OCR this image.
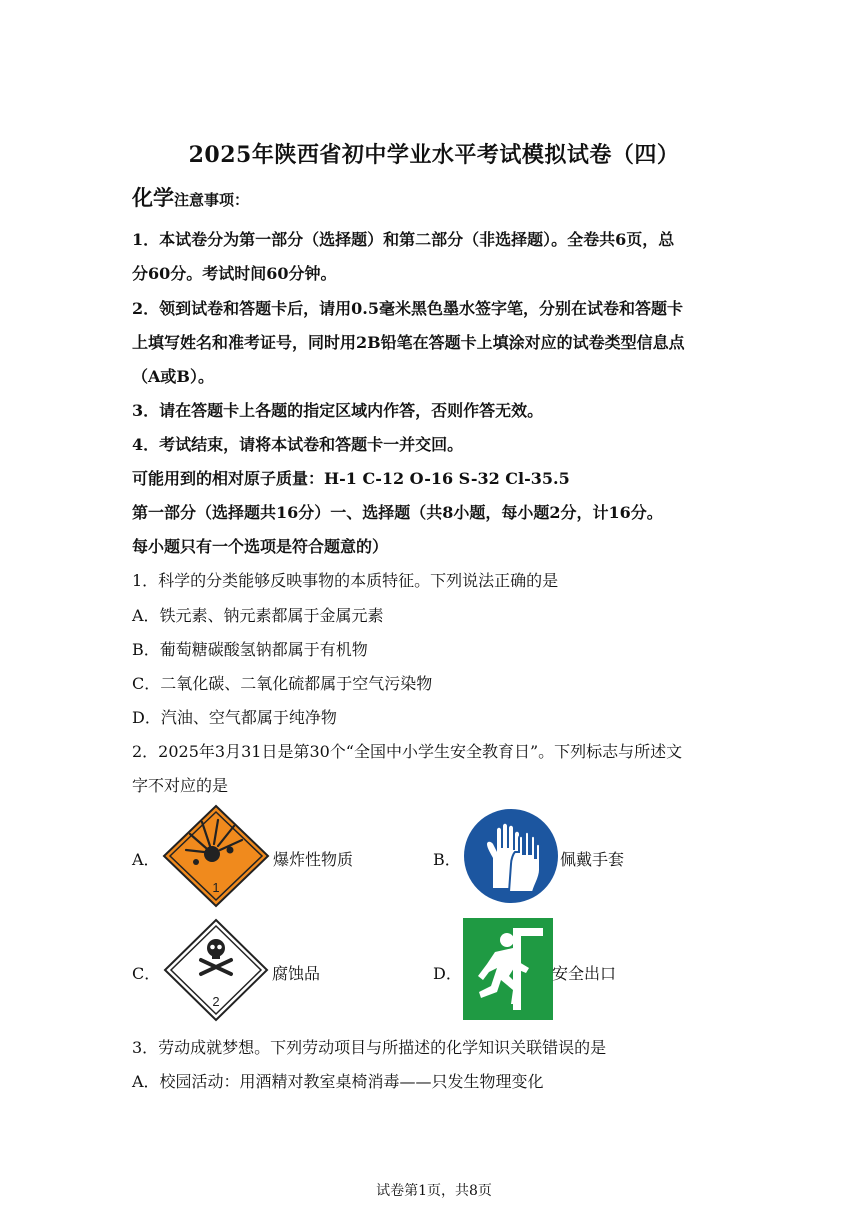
2025年陕西省初中学业水平考试模拟试卷（四）
化学注意事项：
1．本试卷分为第一部分（选择题）和第二部分（非选择题）。全卷共6页，总
分60分。考试时间60分钟。
2．领到试卷和答题卡后，请用0.5毫米黑色墨水签字笔，分别在试卷和答题卡
上填写姓名和准考证号，同时用2B铅笔在答题卡上填涂对应的试卷类型信息点
（A或B）。
3．请在答题卡上各题的指定区域内作答，否则作答无效。
4．考试结束，请将本试卷和答题卡一并交回。
可能用到的相对原子质量：H-1 C-12 O-16 S-32 Cl-35.5
第一部分（选择题共16分）一、选择题（共8小题，每小题2分，计16分。
每小题只有一个选项是符合题意的）
1．科学的分类能够反映事物的本质特征。下列说法正确的是
A．铁元素、钠元素都属于金属元素
B．葡萄糖碳酸氢钠都属于有机物
C．二氧化碳、二氧化硫都属于空气污染物
D．汽油、空气都属于纯净物
2．2025年3月31日是第30个“全国中小学生安全教育日”。下列标志与所述文
字不对应的是
A．
1
爆炸性物质	B．	佩戴手套
C．
2
腐蚀品	D．	安全出口
3．劳动成就梦想。下列劳动项目与所描述的化学知识关联错误的是
A．校园活动：用酒精对教室桌椅消毒——只发生物理变化
试卷第1页，共8页
